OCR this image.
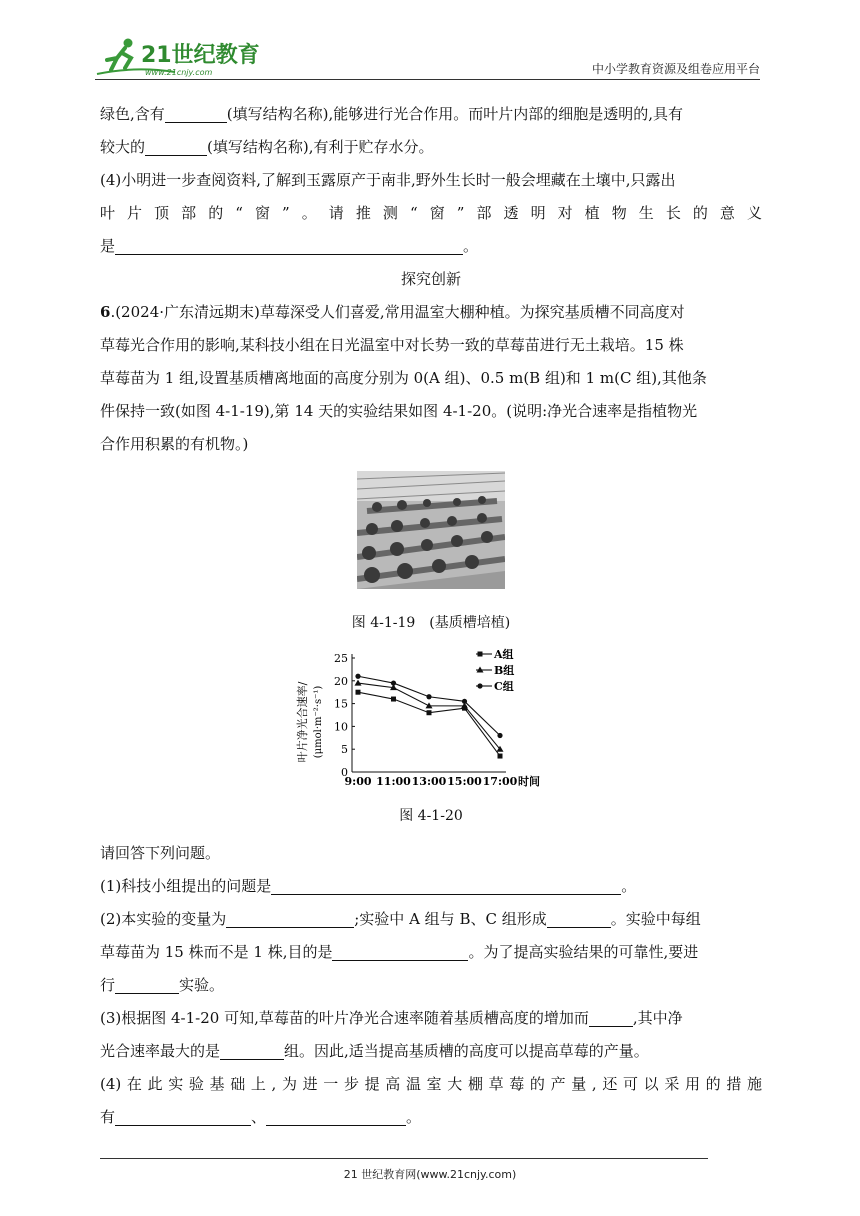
21世纪教育
www.21cnjy.com	中小学教育资源及组卷应用平台

绿色,含有	(填写结构名称),能够进行光合作用。而叶片内部的细胞是透明的,具有

较大的	(填写结构名称),有利于贮存水分。

(4)小明进一步查阅资料,了解到玉露原产于南非,野外生长时一般会埋藏在土壤中,只露出

叶片顶部的“窗”。请推测“窗”部透明对植物生长的意义

是	。

探究创新

6.(2024·广东清远期末)草莓深受人们喜爱,常用温室大棚种植。为探究基质槽不同高度对

草莓光合作用的影响,某科技小组在日光温室中对长势一致的草莓苗进行无土栽培。15 株

草莓苗为 1 组,设置基质槽离地面的高度分别为 0(A 组)、0.5 m(B 组)和 1 m(C 组),其他条

件保持一致(如图 4-1-19),第 14 天的实验结果如图 4-1-20。(说明:净光合速率是指植物光

合作用积累的有机物。)

图 4-1-19　(基质槽培植)
叶片净光合速率/ (μmol·m⁻²·s⁻¹)
0
5
10
15
20
25
9:00 11:00 13:00 15:00 17:00 时间
A组
B组
C组
图 4-1-20

请回答下列问题。

(1)科技小组提出的问题是	。

(2)本实验的变量为	;实验中 A 组与 B、C 组形成	。实验中每组

草莓苗为 15 株而不是 1 株,目的是	。为了提高实验结果的可靠性,要进

行	实验。

(3)根据图 4-1-20 可知,草莓苗的叶片净光合速率随着基质槽高度的增加而	,其中净

光合速率最大的是	组。因此,适当提高基质槽的高度可以提高草莓的产量。

(4)在此实验基础上,为进一步提高温室大棚草莓的产量,还可以采用的措施

有	、	。

21 世纪教育网(www.21cnjy.com)
